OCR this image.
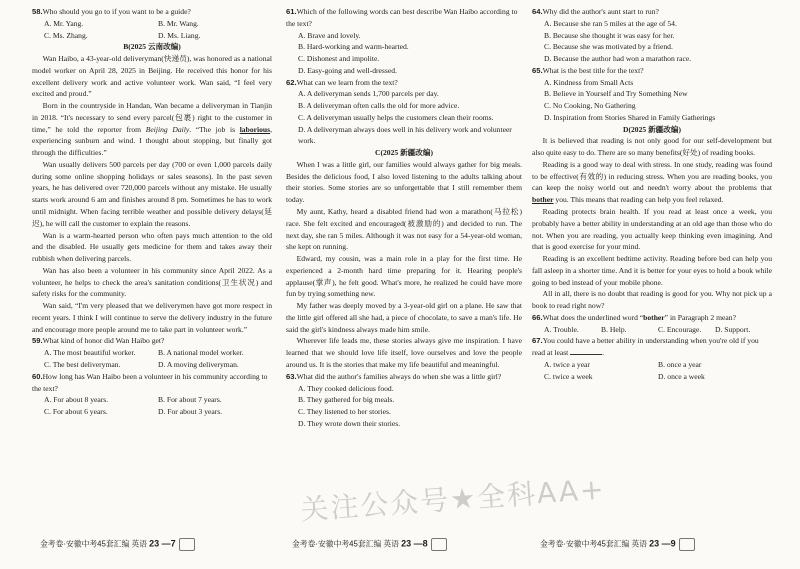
58.Who should you go to if you want to be a guide?

A. Mr. Yang.	B. Mr. Wang.
C. Ms. Zhang.	D. Ms. Liang.

B(2025 云南改编)

Wan Haibo, a 43-year-old deliveryman(快递员), was honored as a national model worker on April 28, 2025 in Beijing. He received this honor for his excellent delivery work and active volunteer work. Wan said, “I feel very excited and proud.”

Born in the countryside in Handan, Wan became a deliveryman in Tianjin in 2018. “It's necessary to send every parcel(包裹) right to the customer in time,” he told the reporter from Beijing Daily. “The job is laborious, experiencing sunburn and wind. I thought about stopping, but finally got through the difficulties.”

Wan usually delivers 500 parcels per day (700 or even 1,000 parcels daily during some online shopping holidays or sales seasons). In the past seven years, he has delivered over 720,000 parcels without any mistake. He usually starts work around 6 am and finishes around 8 pm. Sometimes he has to work until midnight. When facing terrible weather and possible delivery delays(延迟), he will call the customer to explain the reasons.

Wan is a warm-hearted person who often pays much attention to the old and the disabled. He usually gets medicine for them and takes away their rubbish when delivering parcels.

Wan has also been a volunteer in his community since April 2022. As a volunteer, he helps to check the area's sanitation conditions(卫生状况) and safety risks for the community.

Wan said, “I'm very pleased that we deliverymen have got more respect in recent years. I think I will continue to serve the delivery industry in the future and encourage more people around me to take part in volunteer work.”

59.What kind of honor did Wan Haibo get?

A. The most beautiful worker.	B. A national model worker.
C. The best deliveryman.	D. A moving deliveryman.

60.How long has Wan Haibo been a volunteer in his community according to the text?

A. For about 8 years.	B. For about 7 years.
C. For about 6 years.	D. For about 3 years.

61.Which of the following words can best describe Wan Haibo according to the text?

A. Brave and lovely.
B. Hard-working and warm-hearted.
C. Dishonest and impolite.
D. Easy-going and well-dressed.

62.What can we learn from the text?

A. A deliveryman sends 1,700 parcels per day.
B. A deliveryman often calls the old for more advice.
C. A deliveryman usually helps the customers clean their rooms.
D. A deliveryman always does well in his delivery work and volunteer work.

C(2025 新疆改编)

When I was a little girl, our families would always gather for big meals. Besides the delicious food, I also loved listening to the adults talking about their stories. Some stories are so unforgettable that I still remember them today.

My aunt, Kathy, heard a disabled friend had won a marathon(马拉松) race. She felt excited and encouraged(被激励的) and decided to run. The next day, she ran 5 miles. Although it was not easy for a 54-year-old woman, she kept on running.

Edward, my cousin, was a main role in a play for the first time. He experienced a 2-month hard time preparing for it. Hearing people's applause(掌声), he felt good. What's more, he realized he could have more fun by trying something new.

My father was deeply moved by a 3-year-old girl on a plane. He saw that the little girl offered all she had, a piece of chocolate, to save a man's life. He said the girl's kindness always made him smile.

Wherever life leads me, these stories always give me inspiration. I have learned that we should love life itself, love ourselves and love the people around us. It is the stories that make my life beautiful and meaningful.

63.What did the author's families always do when she was a little girl?

A. They cooked delicious food.
B. They gathered for big meals.
C. They listened to her stories.
D. They wrote down their stories.

64.Why did the author's aunt start to run?

A. Because she ran 5 miles at the age of 54.
B. Because she thought it was easy for her.
C. Because she was motivated by a friend.
D. Because the author had won a marathon race.

65.What is the best title for the text?

A. Kindness from Small Acts
B. Believe in Yourself and Try Something New
C. No Cooking, No Gathering
D. Inspiration from Stories Shared in Family Gatherings

D(2025 新疆改编)

It is believed that reading is not only good for our self-development but also quite easy to do. There are so many benefits(好处) of reading books.

Reading is a good way to deal with stress. In one study, reading was found to be effective(有效的) in reducing stress. When you are reading books, you can keep the noisy world out and needn't worry about the problems that bother you. This means that reading can help you feel relaxed.

Reading protects brain health. If you read at least once a week, you probably have a better ability in understanding at an old age than those who do not. When you are reading, you actually keep thinking even imagining. And that is good exercise for your mind.

Reading is an excellent bedtime activity. Reading before bed can help you fall asleep in a shorter time. And it is better for your eyes to hold a book while going to bed instead of your mobile phone.

All in all, there is no doubt that reading is good for you. Why not pick up a book to read right now?

66.What does the underlined word “bother” in Paragraph 2 mean?

A. Trouble.	B. Help.	C. Encourage.	D. Support.

67.You could have a better ability in understanding when you're old if you read at least	.

A. twice a year	B. once a year
C. twice a week	D. once a week
金考卷·安徽中考45套汇编 英语 23 —7	金考卷·安徽中考45套汇编 英语 23 —8	金考卷·安徽中考45套汇编 英语 23 —9
关注公众号★全科AA+
